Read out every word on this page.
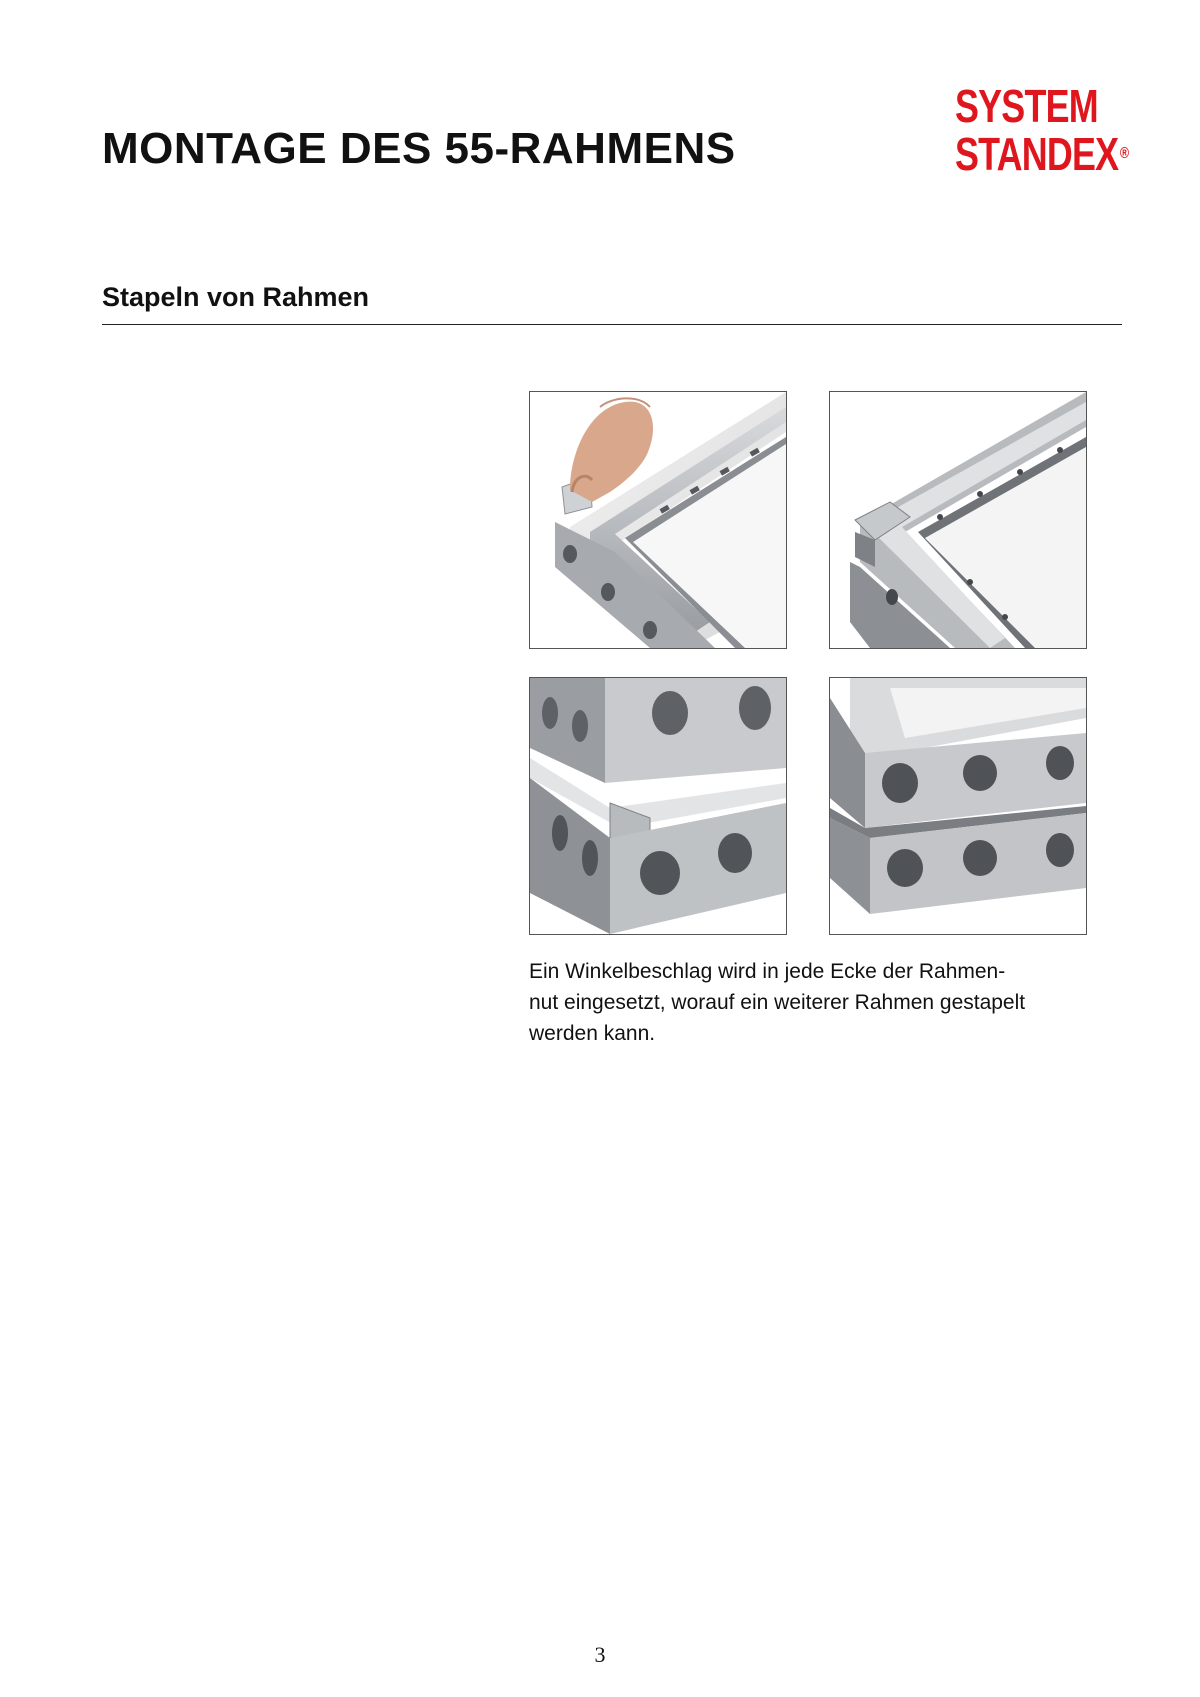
MONTAGE DES 55-RAHMENS
SYSTEM
STANDEX®
Stapeln von Rahmen

Ein Winkelbeschlag wird in jede Ecke der Rahmen-
nut eingesetzt, worauf ein weiterer Rahmen gestapelt
werden kann.

3
